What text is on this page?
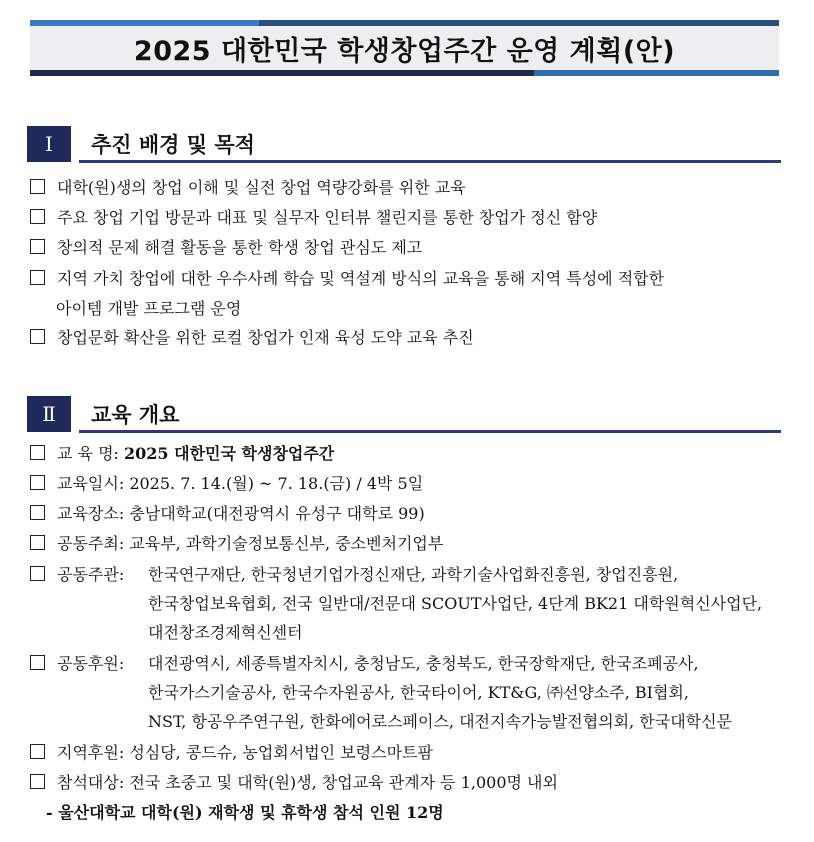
2025 대한민국 학생창업주간 운영 계획(안)
Ⅰ	추진 배경 및 목적
대학(원)생의 창업 이해 및 실전 창업 역량강화를 위한 교육
주요 창업 기업 방문과 대표 및 실무자 인터뷰 챌린지를 통한 창업가 정신 함양
창의적 문제 해결 활동을 통한 학생 창업 관심도 제고
지역 가치 창업에 대한 우수사례 학습 및 역설계 방식의 교육을 통해 지역 특성에 적합한
아이템 개발 프로그램 운영
창업문화 확산을 위한 로컬 창업가 인재 육성 도약 교육 추진
Ⅱ	교육 개요
교 육 명: 2025 대한민국 학생창업주간
교육일시: 2025. 7. 14.(월) ~ 7. 18.(금) / 4박 5일
교육장소: 충남대학교(대전광역시 유성구 대학로 99)
공동주최: 교육부, 과학기술정보통신부, 중소벤처기업부
공동주관: 한국연구재단, 한국청년기업가정신재단, 과학기술사업화진흥원, 창업진흥원,
한국창업보육협회, 전국 일반대/전문대 SCOUT사업단, 4단계 BK21 대학원혁신사업단,
대전창조경제혁신센터
공동후원: 대전광역시, 세종특별자치시, 충청남도, 충청북도, 한국장학재단, 한국조폐공사,
한국가스기술공사, 한국수자원공사, 한국타이어, KT&G, ㈜선양소주, BI협회,
NST, 항공우주연구원, 한화에어로스페이스, 대전지속가능발전협의회, 한국대학신문
지역후원: 성심당, 콩드슈, 농업회서법인 보령스마트팜
참석대상: 전국 초중고 및 대학(원)생, 창업교육 관계자 등 1,000명 내외
- 울산대학교 대학(원) 재학생 및 휴학생 참석 인원 12명
